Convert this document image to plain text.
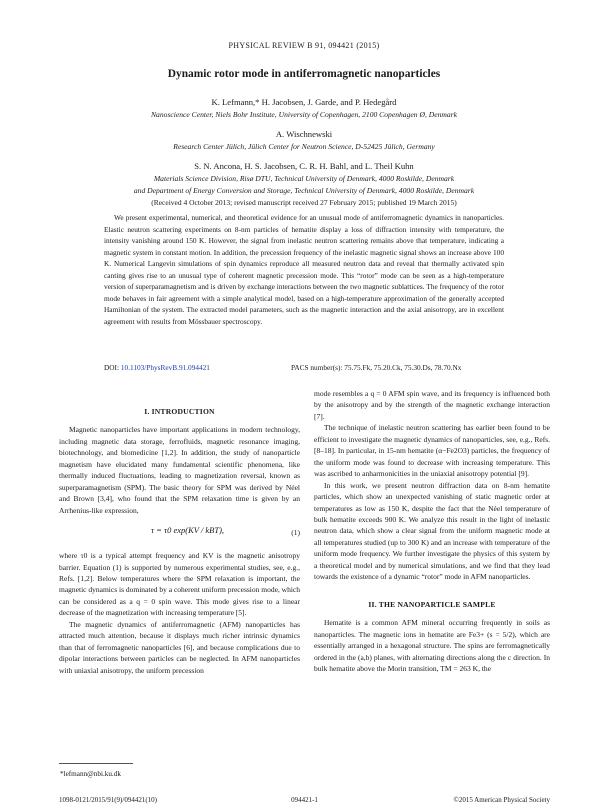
PHYSICAL REVIEW B 91, 094421 (2015)
Dynamic rotor mode in antiferromagnetic nanoparticles
K. Lefmann,* H. Jacobsen, J. Garde, and P. Hedegård
Nanoscience Center, Niels Bohr Institute, University of Copenhagen, 2100 Copenhagen Ø, Denmark
A. Wischnewski
Research Center Jülich, Jülich Center for Neutron Science, D-52425 Jülich, Germany
S. N. Ancona, H. S. Jacobsen, C. R. H. Bahl, and L. Theil Kuhn
Materials Science Division, Risø DTU, Technical University of Denmark, 4000 Roskilde, Denmark
and Department of Energy Conversion and Storage, Technical University of Denmark, 4000 Roskilde, Denmark
(Received 4 October 2013; revised manuscript received 27 February 2015; published 19 March 2015)
We present experimental, numerical, and theoretical evidence for an unusual mode of antiferromagnetic dynamics in nanoparticles. Elastic neutron scattering experiments on 8-nm particles of hematite display a loss of diffraction intensity with temperature, the intensity vanishing around 150 K. However, the signal from inelastic neutron scattering remains above that temperature, indicating a magnetic system in constant motion. In addition, the precession frequency of the inelastic magnetic signal shows an increase above 100 K. Numerical Langevin simulations of spin dynamics reproduce all measured neutron data and reveal that thermally activated spin canting gives rise to an unusual type of coherent magnetic precession mode. This “rotor” mode can be seen as a high-temperature version of superparamagnetism and is driven by exchange interactions between the two magnetic sublattices. The frequency of the rotor mode behaves in fair agreement with a simple analytical model, based on a high-temperature approximation of the generally accepted Hamiltonian of the system. The extracted model parameters, such as the magnetic interaction and the axial anisotropy, are in excellent agreement with results from Mössbauer spectroscopy.
DOI: 10.1103/PhysRevB.91.094421	PACS number(s): 75.75.Fk, 75.20.Ck, 75.30.Ds, 78.70.Nx
I. INTRODUCTION

Magnetic nanoparticles have important applications in modern technology, including magnetic data storage, ferrofluids, magnetic resonance imaging, biotechnology, and biomedicine [1,2]. In addition, the study of nanoparticle magnetism have elucidated many fundamental scientific phenomena, like thermally induced fluctuations, leading to magnetization reversal, known as superparamagnetism (SPM). The basic theory for SPM was derived by Néel and Brown [3,4], who found that the SPM relaxation time is given by an Arrhenius-like expression,

τ = τ0 exp(KV / kBT),	(1)

where τ0 is a typical attempt frequency and KV is the magnetic anisotropy barrier. Equation (1) is supported by numerous experimental studies, see, e.g., Refs. [1,2]. Below temperatures where the SPM relaxation is important, the magnetic dynamics is dominated by a coherent uniform precession mode, which can be considered as a q = 0 spin wave. This mode gives rise to a linear decrease of the magnetization with increasing temperature [5].

The magnetic dynamics of antiferromagnetic (AFM) nanoparticles has attracted much attention, because it displays much richer intrinsic dynamics than that of ferromagnetic nanoparticles [6], and because complications due to dipolar interactions between particles can be neglected. In AFM nanoparticles with uniaxial anisotropy, the uniform precession

mode resembles a q = 0 AFM spin wave, and its frequency is influenced both by the anisotropy and by the strength of the magnetic exchange interaction [7].

The technique of inelastic neutron scattering has earlier been found to be efficient to investigate the magnetic dynamics of nanoparticles, see, e.g., Refs. [8–18]. In particular, in 15-nm hematite (α−Fe2O3) particles, the frequency of the uniform mode was found to decrease with increasing temperature. This was ascribed to anharmonicities in the uniaxial anisotropy potential [9].

In this work, we present neutron diffraction data on 8-nm hematite particles, which show an unexpected vanishing of static magnetic order at temperatures as low as 150 K, despite the fact that the Néel temperature of bulk hematite exceeds 900 K. We analyze this result in the light of inelastic neutron data, which show a clear signal from the uniform magnetic mode at all temperatures studied (up to 300 K) and an increase with temperature of the uniform mode frequency. We further investigate the physics of this system by a theoretical model and by numerical simulations, and we find that they lead towards the existence of a dynamic “rotor” mode in AFM nanoparticles.

II. THE NANOPARTICLE SAMPLE

Hematite is a common AFM mineral occurring frequently in soils as nanoparticles. The magnetic ions in hematite are Fe3+ (s = 5/2), which are essentially arranged in a hexagonal structure. The spins are ferromagnetically ordered in the (a,b) planes, with alternating directions along the c direction. In bulk hematite above the Morin transition, TM = 263 K, the

*lefmann@nbi.ku.dk
1098-0121/2015/91(9)/094421(10)	094421-1	©2015 American Physical Society
